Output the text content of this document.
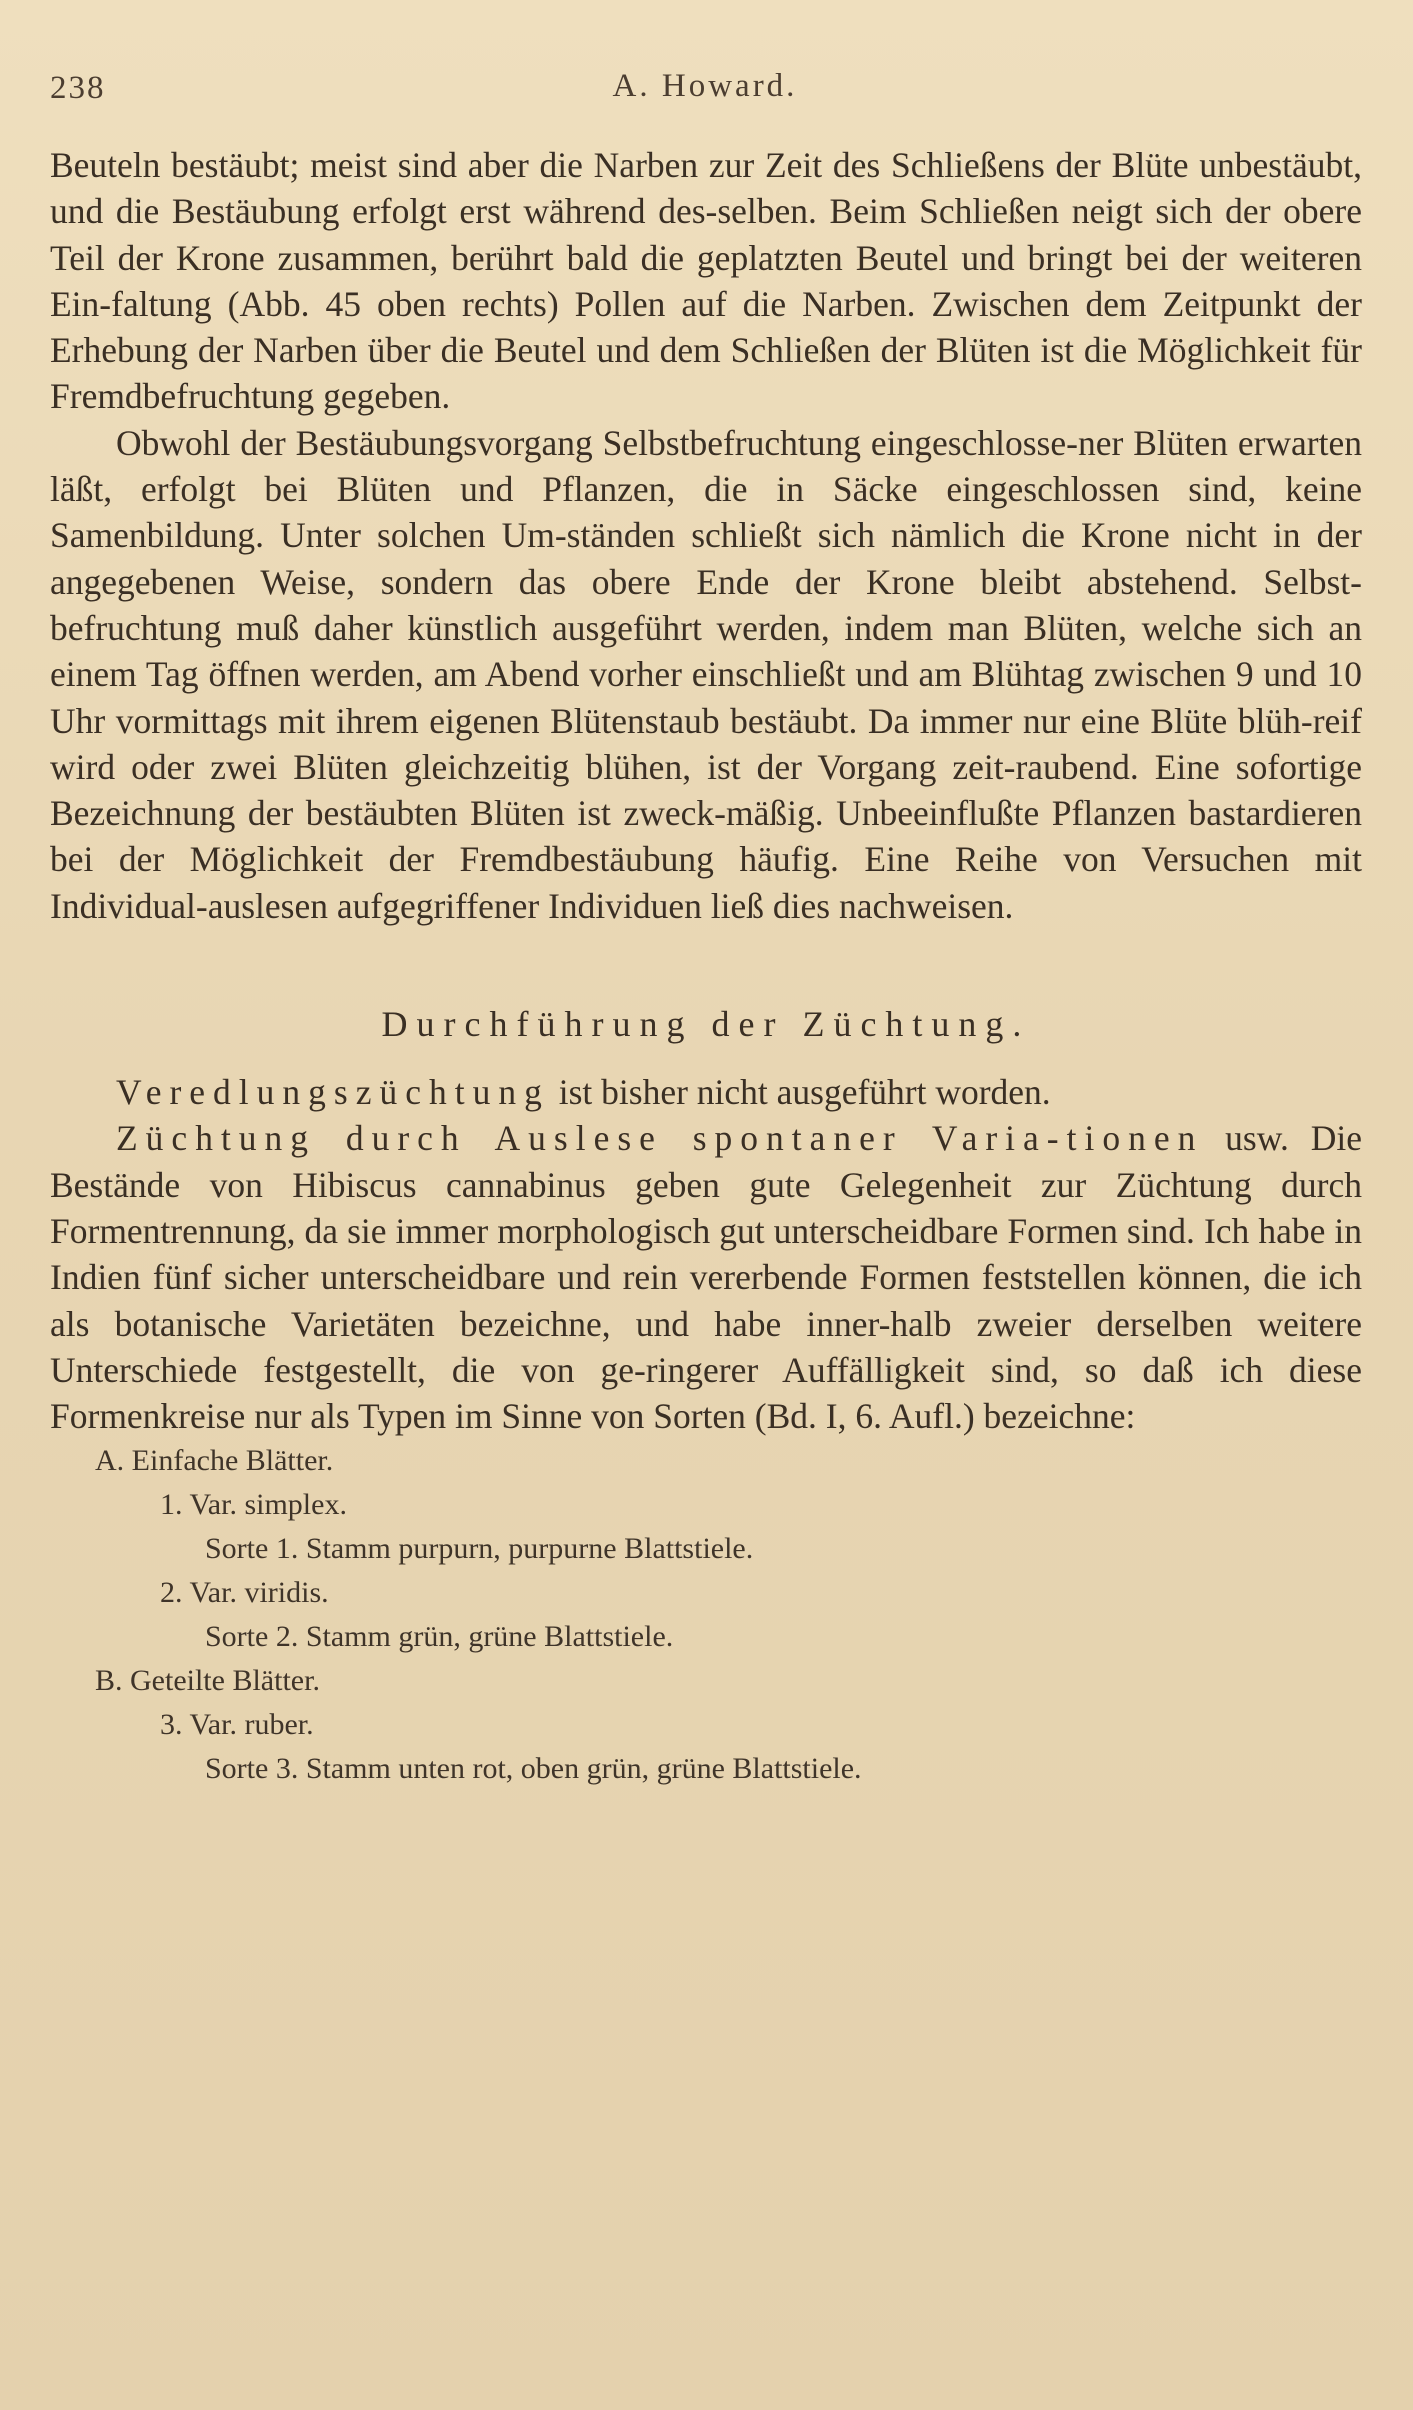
238	A. Howard.

Beuteln bestäubt; meist sind aber die Narben zur Zeit des Schließens der Blüte unbestäubt, und die Bestäubung erfolgt erst während des-selben. Beim Schließen neigt sich der obere Teil der Krone zusammen, berührt bald die geplatzten Beutel und bringt bei der weiteren Ein-faltung (Abb. 45 oben rechts) Pollen auf die Narben. Zwischen dem Zeitpunkt der Erhebung der Narben über die Beutel und dem Schließen der Blüten ist die Möglichkeit für Fremdbefruchtung gegeben.

Obwohl der Bestäubungsvorgang Selbstbefruchtung eingeschlosse-ner Blüten erwarten läßt, erfolgt bei Blüten und Pflanzen, die in Säcke eingeschlossen sind, keine Samenbildung. Unter solchen Um-ständen schließt sich nämlich die Krone nicht in der angegebenen Weise, sondern das obere Ende der Krone bleibt abstehend. Selbst-befruchtung muß daher künstlich ausgeführt werden, indem man Blüten, welche sich an einem Tag öffnen werden, am Abend vorher einschließt und am Blühtag zwischen 9 und 10 Uhr vormittags mit ihrem eigenen Blütenstaub bestäubt. Da immer nur eine Blüte blüh-reif wird oder zwei Blüten gleichzeitig blühen, ist der Vorgang zeit-raubend. Eine sofortige Bezeichnung der bestäubten Blüten ist zweck-mäßig. Unbeeinflußte Pflanzen bastardieren bei der Möglichkeit der Fremdbestäubung häufig. Eine Reihe von Versuchen mit Individual-auslesen aufgegriffener Individuen ließ dies nachweisen.

Durchführung der Züchtung.

Veredlungszüchtung ist bisher nicht ausgeführt worden.

Züchtung durch Auslese spontaner Varia-tionen usw. Die Bestände von Hibiscus cannabinus geben gute Gelegenheit zur Züchtung durch Formentrennung, da sie immer morphologisch gut unterscheidbare Formen sind. Ich habe in Indien fünf sicher unterscheidbare und rein vererbende Formen feststellen können, die ich als botanische Varietäten bezeichne, und habe inner-halb zweier derselben weitere Unterschiede festgestellt, die von ge-ringerer Auffälligkeit sind, so daß ich diese Formenkreise nur als Typen im Sinne von Sorten (Bd. I, 6. Aufl.) bezeichne:

A. Einfache Blätter.
1. Var. simplex.
Sorte 1. Stamm purpurn, purpurne Blattstiele.
2. Var. viridis.
Sorte 2. Stamm grün, grüne Blattstiele.
B. Geteilte Blätter.
3. Var. ruber.
Sorte 3. Stamm unten rot, oben grün, grüne Blattstiele.
